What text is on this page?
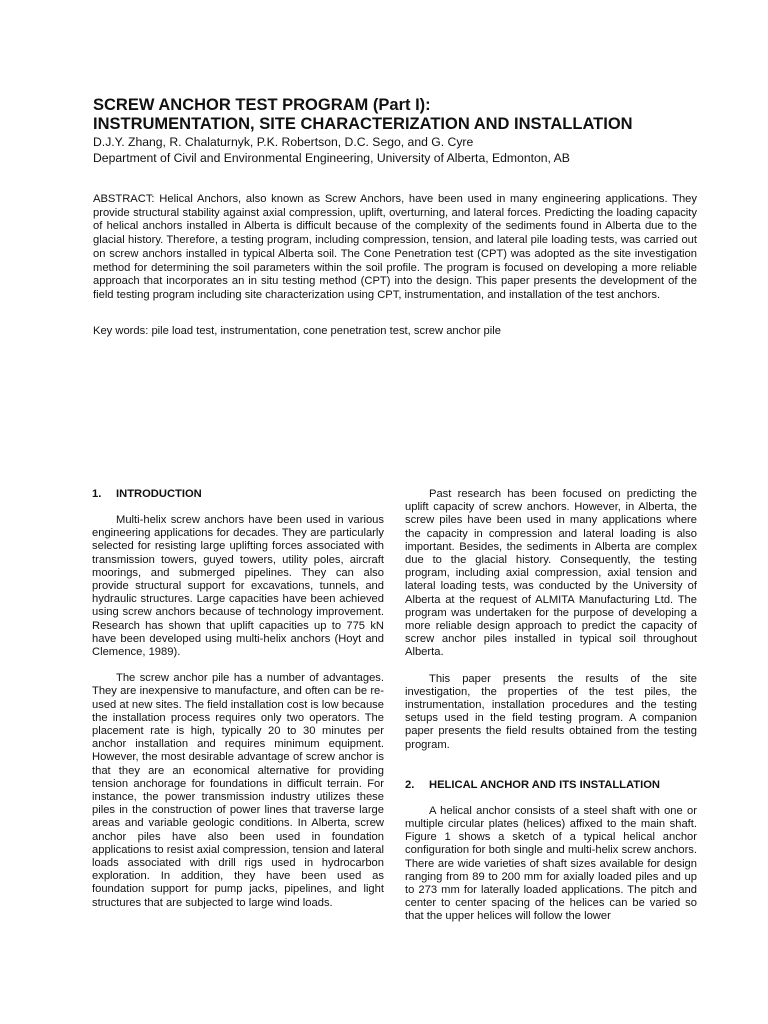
SCREW ANCHOR TEST PROGRAM (Part I):
INSTRUMENTATION, SITE CHARACTERIZATION AND INSTALLATION

D.J.Y. Zhang, R. Chalaturnyk, P.K. Robertson, D.C. Sego, and G. Cyre
Department of Civil and Environmental Engineering, University of Alberta, Edmonton, AB

ABSTRACT: Helical Anchors, also known as Screw Anchors, have been used in many engineering applications. They provide structural stability against axial compression, uplift, overturning, and lateral forces. Predicting the loading capacity of helical anchors installed in Alberta is difficult because of the complexity of the sediments found in Alberta due to the glacial history. Therefore, a testing program, including compression, tension, and lateral pile loading tests, was carried out on screw anchors installed in typical Alberta soil. The Cone Penetration test (CPT) was adopted as the site investigation method for determining the soil parameters within the soil profile. The program is focused on developing a more reliable approach that incorporates an in situ testing method (CPT) into the design. This paper presents the development of the field testing program including site characterization using CPT, instrumentation, and installation of the test anchors.

Key words: pile load test, instrumentation, cone penetration test, screw anchor pile

1. INTRODUCTION

Multi-helix screw anchors have been used in various engineering applications for decades. They are particularly selected for resisting large uplifting forces associated with transmission towers, guyed towers, utility poles, aircraft moorings, and submerged pipelines. They can also provide structural support for excavations, tunnels, and hydraulic structures. Large capacities have been achieved using screw anchors because of technology improvement. Research has shown that uplift capacities up to 775 kN have been developed using multi-helix anchors (Hoyt and Clemence, 1989).

The screw anchor pile has a number of advantages. They are inexpensive to manufacture, and often can be re-used at new sites. The field installation cost is low because the installation process requires only two operators. The placement rate is high, typically 20 to 30 minutes per anchor installation and requires minimum equipment. However, the most desirable advantage of screw anchor is that they are an economical alternative for providing tension anchorage for foundations in difficult terrain. For instance, the power transmission industry utilizes these piles in the construction of power lines that traverse large areas and variable geologic conditions. In Alberta, screw anchor piles have also been used in foundation applications to resist axial compression, tension and lateral loads associated with drill rigs used in hydrocarbon exploration. In addition, they have been used as foundation support for pump jacks, pipelines, and light structures that are subjected to large wind loads.

Past research has been focused on predicting the uplift capacity of screw anchors. However, in Alberta, the screw piles have been used in many applications where the capacity in compression and lateral loading is also important. Besides, the sediments in Alberta are complex due to the glacial history. Consequently, the testing program, including axial compression, axial tension and lateral loading tests, was conducted by the University of Alberta at the request of ALMITA Manufacturing Ltd. The program was undertaken for the purpose of developing a more reliable design approach to predict the capacity of screw anchor piles installed in typical soil throughout Alberta.

This paper presents the results of the site investigation, the properties of the test piles, the instrumentation, installation procedures and the testing setups used in the field testing program. A companion paper presents the field results obtained from the testing program.

2. HELICAL ANCHOR AND ITS INSTALLATION

A helical anchor consists of a steel shaft with one or multiple circular plates (helices) affixed to the main shaft. Figure 1 shows a sketch of a typical helical anchor configuration for both single and multi-helix screw anchors. There are wide varieties of shaft sizes available for design ranging from 89 to 200 mm for axially loaded piles and up to 273 mm for laterally loaded applications. The pitch and center to center spacing of the helices can be varied so that the upper helices will follow the lower
